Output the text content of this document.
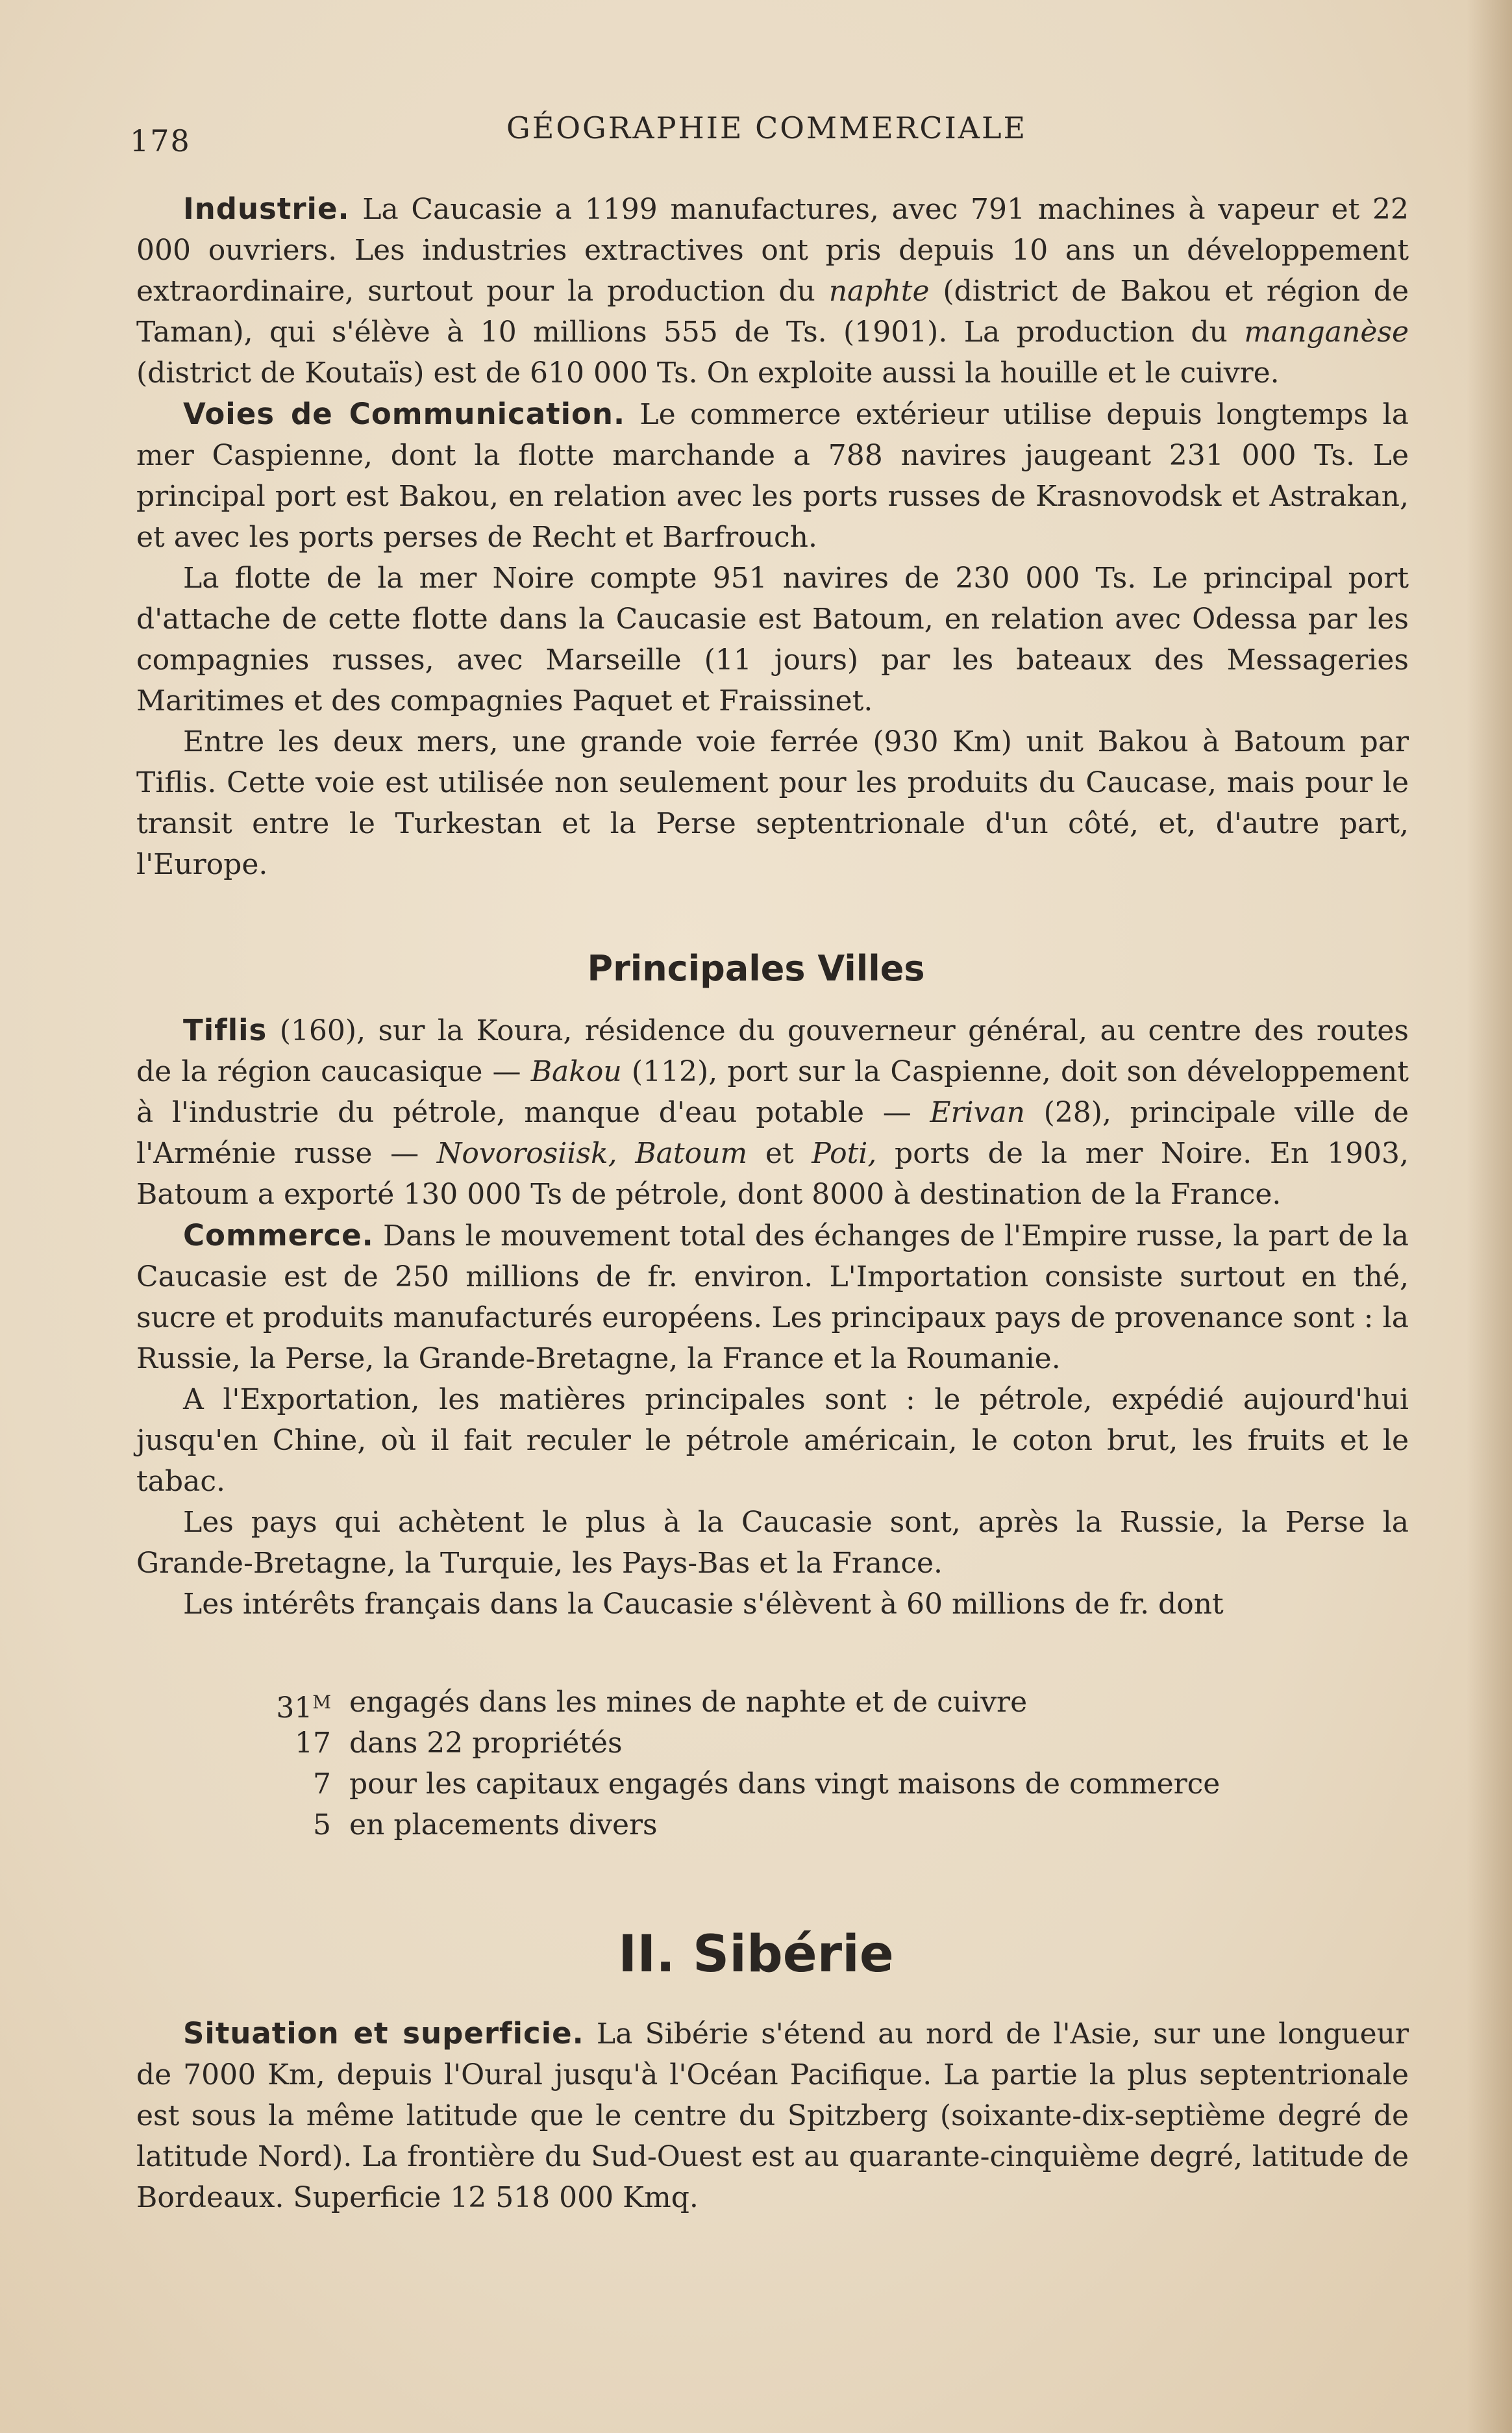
178	GÉOGRAPHIE COMMERCIALE

Industrie. La Caucasie a 1199 manufactures, avec 791 machines à vapeur et 22 000 ouvriers. Les industries extractives ont pris depuis 10 ans un développement extraordinaire, surtout pour la production du naphte (district de Bakou et région de Taman), qui s'élève à 10 millions 555 de Ts. (1901). La production du manganèse (district de Koutaïs) est de 610 000 Ts. On exploite aussi la houille et le cuivre.

Voies de Communication. Le commerce extérieur utilise depuis longtemps la mer Caspienne, dont la flotte marchande a 788 navires jaugeant 231 000 Ts. Le principal port est Bakou, en relation avec les ports russes de Krasnovodsk et Astrakan, et avec les ports perses de Recht et Barfrouch.

La flotte de la mer Noire compte 951 navires de 230 000 Ts. Le principal port d'attache de cette flotte dans la Caucasie est Batoum, en relation avec Odessa par les compagnies russes, avec Marseille (11 jours) par les bateaux des Messageries Maritimes et des compagnies Paquet et Fraissinet.

Entre les deux mers, une grande voie ferrée (930 Km) unit Bakou à Batoum par Tiflis. Cette voie est utilisée non seulement pour les produits du Caucase, mais pour le transit entre le Turkestan et la Perse septentrionale d'un côté, et, d'autre part, l'Europe.

Principales Villes

Tiflis (160), sur la Koura, résidence du gouverneur général, au centre des routes de la région caucasique — Bakou (112), port sur la Caspienne, doit son développement à l'industrie du pétrole, manque d'eau potable — Erivan (28), principale ville de l'Arménie russe — Novorosiisk, Batoum et Poti, ports de la mer Noire. En 1903, Batoum a exporté 130 000 Ts de pétrole, dont 8000 à destination de la France.

Commerce. Dans le mouvement total des échanges de l'Empire russe, la part de la Caucasie est de 250 millions de fr. environ. L'Importation consiste surtout en thé, sucre et produits manufacturés européens. Les principaux pays de provenance sont : la Russie, la Perse, la Grande-Bretagne, la France et la Roumanie.

A l'Exportation, les matières principales sont : le pétrole, expédié aujourd'hui jusqu'en Chine, où il fait reculer le pétrole américain, le coton brut, les fruits et le tabac.

Les pays qui achètent le plus à la Caucasie sont, après la Russie, la Perse la Grande-Bretagne, la Turquie, les Pays-Bas et la France.

Les intérêts français dans la Caucasie s'élèvent à 60 millions de fr. dont

$31^M$ engagés dans les mines de naphte et de cuivre
17 dans 22 propriétés
7 pour les capitaux engagés dans vingt maisons de commerce
5 en placements divers
II. Sibérie

Situation et superficie. La Sibérie s'étend au nord de l'Asie, sur une longueur de 7000 Km, depuis l'Oural jusqu'à l'Océan Pacifique. La partie la plus septentrionale est sous la même latitude que le centre du Spitzberg (soixante-dix-septième degré de latitude Nord). La frontière du Sud-Ouest est au quarante-cinquième degré, latitude de Bordeaux. Superficie 12 518 000 Kmq.
